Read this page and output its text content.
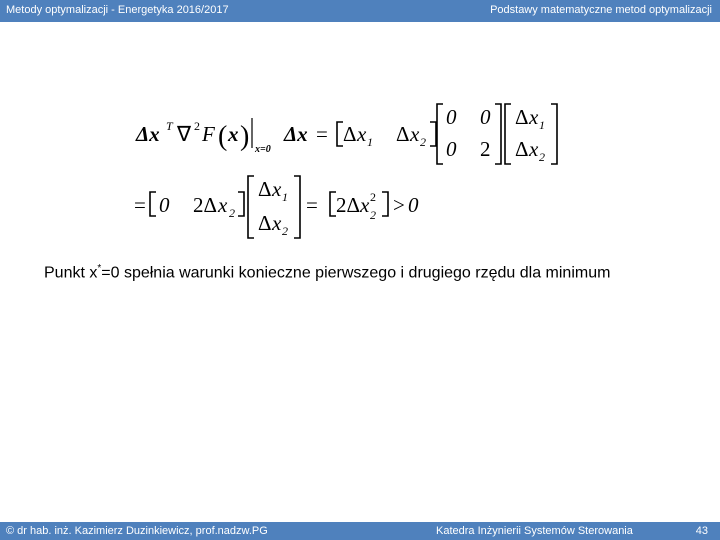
Metody optymalizacji - Energetyka 2016/2017	Podstawy matematyczne metod optymalizacji
Δx T ∇ 2 F ( x ) x=0
Δx = Δ x 1 Δ x 2
0 0
0 2
Δ x 1
Δ x 2
= 0 2Δ x 2
Δ x 1
Δ x 2
= 2Δ x 2
2 > 0
Punkt x*=0 spełnia warunki konieczne pierwszego i drugiego rzędu dla minimum
© dr hab. inż. Kazimierz Duzinkiewicz, prof.nadzw.PG	Katedra Inżynierii Systemów Sterowania	43
